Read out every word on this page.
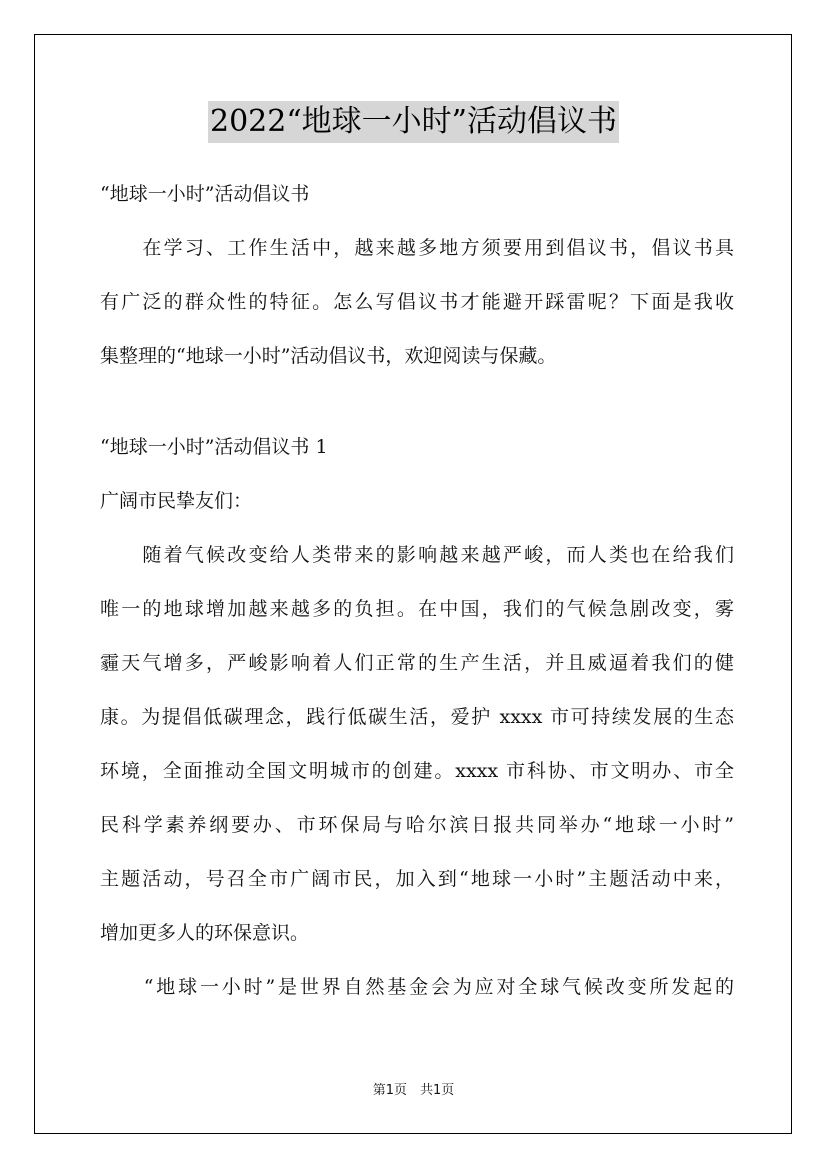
2022“地球一小时”活动倡议书
“地球一小时”活动倡议书
　　在学习、工作生活中，越来越多地方须要用到倡议书，倡议书具
有广泛的群众性的特征。怎么写倡议书才能避开踩雷呢？下面是我收
集整理的“地球一小时”活动倡议书，欢迎阅读与保藏。
“地球一小时”活动倡议书 1
广阔市民挚友们：
　　随着气候改变给人类带来的影响越来越严峻，而人类也在给我们
唯一的地球增加越来越多的负担。在中国，我们的气候急剧改变，雾
霾天气增多，严峻影响着人们正常的生产生活，并且威逼着我们的健
康。为提倡低碳理念，践行低碳生活，爱护 xxxx 市可持续发展的生态
环境，全面推动全国文明城市的创建。xxxx 市科协、市文明办、市全
民科学素养纲要办、市环保局与哈尔滨日报共同举办“地球一小时”
主题活动，号召全市广阔市民，加入到“地球一小时”主题活动中来，
增加更多人的环保意识。
　　“地球一小时”是世界自然基金会为应对全球气候改变所发起的
第1页　共1页
